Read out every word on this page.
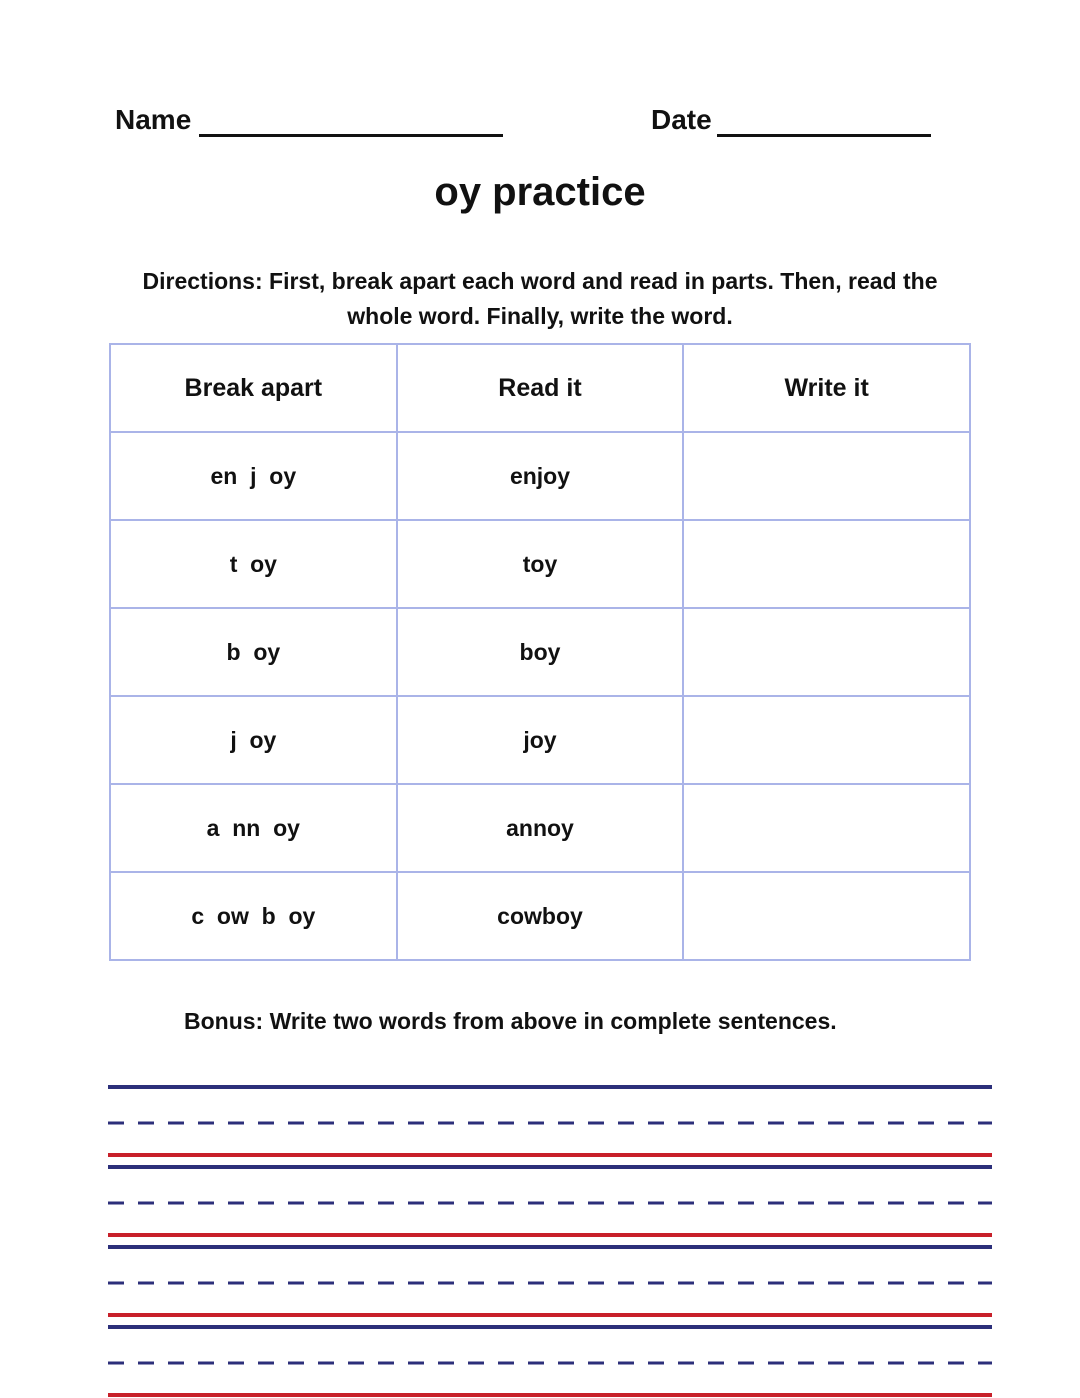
Name	Date
oy practice
Directions: First, break apart each word and read in parts. Then, read the whole word. Finally, write the word.
Break apart	Read it	Write it
en  j  oy	enjoy	
t  oy	toy	
b  oy	boy	
j  oy	joy	
a  nn  oy	annoy	
c  ow  b  oy	cowboy	
Bonus: Write two words from above in complete sentences.
